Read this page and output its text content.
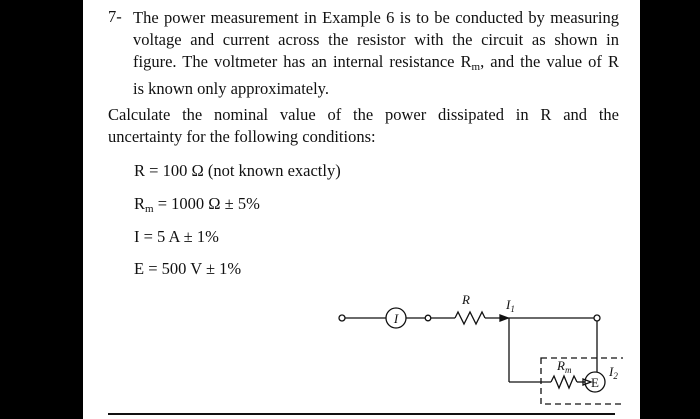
7- The power measurement in Example 6 is to be conducted by measuring
voltage and current across the resistor with the circuit as shown in
figure. The voltmeter has an internal resistance Rm, and the value of R
is known only approximately.
Calculate the nominal value of the power dissipated in R and the
uncertainty for the following conditions:
R = 100 Ω (not known exactly)
Rm = 1000 Ω ± 5%
I = 5 A ± 1%
E = 500 V ± 1%
I
E
R
$R_m$
$I_1$
$I_2$
